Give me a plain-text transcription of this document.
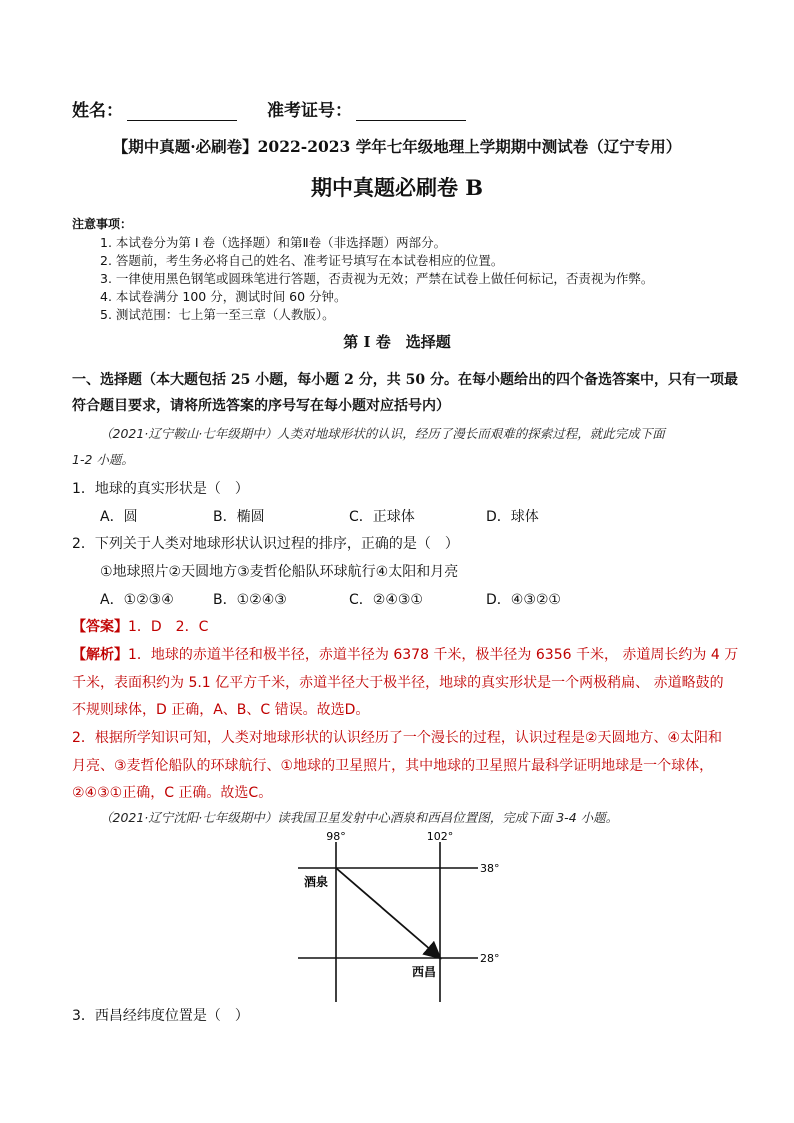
姓名：	准考证号：
【期中真题·必刷卷】2022-2023 学年七年级地理上学期期中测试卷（辽宁专用）
期中真题必刷卷 B
注意事项：
1. 本试卷分为第 I 卷（选择题）和第Ⅱ卷（非选择题）两部分。
2. 答题前，考生务必将自己的姓名、准考证号填写在本试卷相应的位置。
3. 一律使用黑色钢笔或圆珠笔进行答题，否责视为无效；严禁在试卷上做任何标记，否责视为作弊。
4. 本试卷满分 100 分，测试时间 60 分钟。
5. 测试范围：七上第一至三章（人教版）。
第 I 卷　选择题
一、选择题（本大题包括 25 小题，每小题 2 分，共 50 分。在每小题给出的四个备选答案中，只有一项最
符合题目要求，请将所选答案的序号写在每小题对应括号内）
（2021·辽宁鞍山·七年级期中）人类对地球形状的认识，经历了漫长而艰难的探索过程，就此完成下面
1-2 小题。
1．地球的真实形状是（　）
A．圆	B．椭圆	C．正球体	D．球体
2．下列关于人类对地球形状认识过程的排序，正确的是（　）
①地球照片②天圆地方③麦哲伦船队环球航行④太阳和月亮
A．①②③④	B．①②④③	C．②④③①	D．④③②①
【答案】1．D　2．C
【解析】1．地球的赤道半径和极半径，赤道半径为 6378 千米，极半径为 6356 千米， 赤道周长约为 4 万
千米，表面积约为 5.1 亿平方千米，赤道半径大于极半径，地球的真实形状是一个两极稍扁、 赤道略鼓的
不规则球体，D 正确，A、B、C 错误。故选D。
2．根据所学知识可知，人类对地球形状的认识经历了一个漫长的过程，认识过程是②天圆地方、④太阳和
月亮、③麦哲伦船队的环球航行、①地球的卫星照片，其中地球的卫星照片最科学证明地球是一个球体，
②④③①正确，C 正确。故选C。
（2021·辽宁沈阳·七年级期中）读我国卫星发射中心酒泉和西昌位置图，完成下面 3-4 小题。
98°	102°
38°
28°
酒泉
西昌
3．西昌经纬度位置是（　）
